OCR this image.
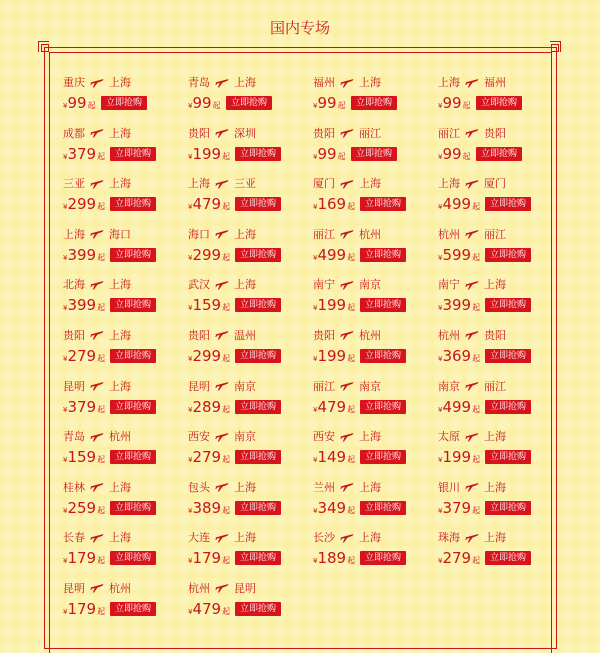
国内专场
重庆 上海
¥99起	立即抢购
青岛 上海
¥99起	立即抢购
福州 上海
¥99起	立即抢购
上海 福州
¥99起	立即抢购
成都 上海
¥379起	立即抢购
贵阳 深圳
¥199起	立即抢购
贵阳 丽江
¥99起	立即抢购
丽江 贵阳
¥99起	立即抢购
三亚 上海
¥299起	立即抢购
上海 三亚
¥479起	立即抢购
厦门 上海
¥169起	立即抢购
上海 厦门
¥499起	立即抢购
上海 海口
¥399起	立即抢购
海口 上海
¥299起	立即抢购
丽江 杭州
¥499起	立即抢购
杭州 丽江
¥599起	立即抢购
北海 上海
¥399起	立即抢购
武汉 上海
¥159起	立即抢购
南宁 南京
¥199起	立即抢购
南宁 上海
¥399起	立即抢购
贵阳 上海
¥279起	立即抢购
贵阳 温州
¥299起	立即抢购
贵阳 杭州
¥199起	立即抢购
杭州 贵阳
¥369起	立即抢购
昆明 上海
¥379起	立即抢购
昆明 南京
¥289起	立即抢购
丽江 南京
¥479起	立即抢购
南京 丽江
¥499起	立即抢购
青岛 杭州
¥159起	立即抢购
西安 南京
¥279起	立即抢购
西安 上海
¥149起	立即抢购
太原 上海
¥199起	立即抢购
桂林 上海
¥259起	立即抢购
包头 上海
¥389起	立即抢购
兰州 上海
¥349起	立即抢购
银川 上海
¥379起	立即抢购
长春 上海
¥179起	立即抢购
大连 上海
¥179起	立即抢购
长沙 上海
¥189起	立即抢购
珠海 上海
¥279起	立即抢购
昆明 杭州
¥179起	立即抢购
杭州 昆明
¥479起	立即抢购
